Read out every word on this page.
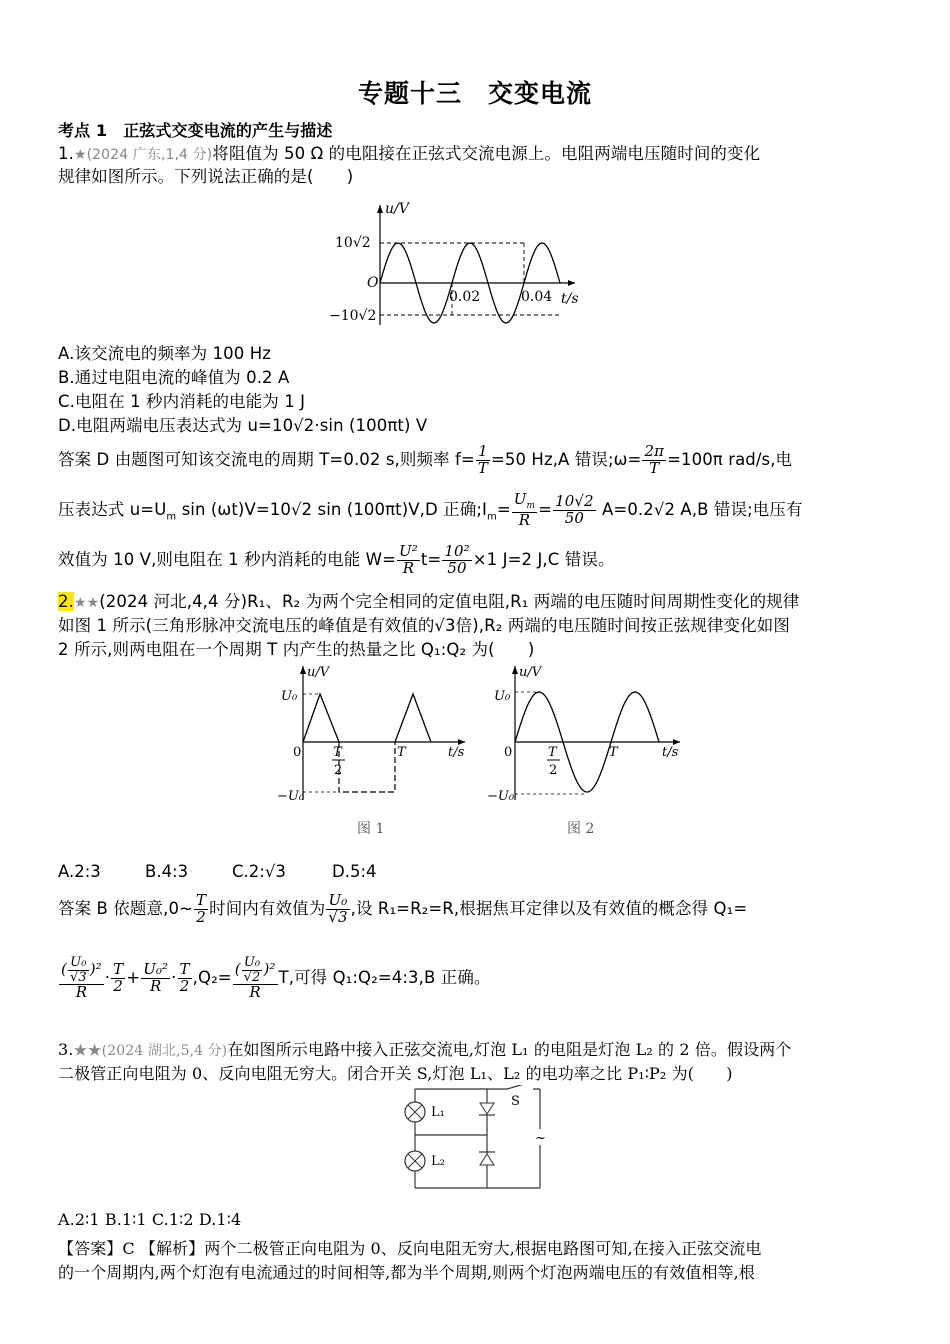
专题十三　交变电流
考点 1　正弦式交变电流的产生与描述
1.★(2024 广东,1,4 分)将阻值为 50 Ω 的电阻接在正弦式交流电源上。电阻两端电压随时间的变化
规律如图所示。下列说法正确的是(　　)
u/V
t/s
O
10√2
−10√2
0.02	0.04
A.该交流电的频率为 100 Hz
B.通过电阻电流的峰值为 0.2 A
C.电阻在 1 秒内消耗的电能为 1 J
D.电阻两端电压表达式为 u=10√2·sin (100πt) V
答案 D 由题图可知该交流电的周期 T=0.02 s,则频率 $f= \frac{1}{T} =50$ Hz,A 错误;ω= $\frac{2\pi}{T} =100\pi$ rad/s,电
压表达式 $u=U_m$ sin (ωt)V=10√2 sin (100πt)V,D 正确$;I_m= \frac{U_m}{R} = \frac{10√2}{50} A=0.2√2$ A,B 错误;电压有
效值为 10 V,则电阻在 1 秒内消耗的电能 $W= \frac{\text{U²}}{R} t= \frac{\text{10²}}{50} \times 1$ J=2 J,C 错误。
2.★★(2024 河北,4,4 分)R₁、R₂ 为两个完全相同的定值电阻,R₁ 两端的电压随时间周期性变化的规律
如图 1 所示(三角形脉冲交流电压的峰值是有效值的√3倍),R₂ 两端的电压随时间按正弦规律变化如图
2 所示,则两电阻在一个周期 T 内产生的热量之比 Q₁:Q₂ 为(　　)
u/V
t/s
U₀
−U₀
0 T
2
T
图 1
u/V
t/s
U₀
−U₀
0	T
2
T
图 2
A.2:3	B.4:3	C.2:√3	D.5:4
答案 B 依题意,0~ $\frac{T}{2}$ 时间内有效值为 $\frac{\text{U₀}}{√3}$ ,设 R₁=R₂=R,根据焦耳定律以及有效值的概念得 Q₁=
$\frac{( \frac{\text{U₀}}{√3} )^2}{R} \cdot \frac{T}{2} + \frac{\text{U₀²}}{R} \cdot \frac{T}{2} ,Q_2= \frac{( \frac{\text{U₀}}{√2} )^2}{R} T$,可得 Q₁:Q₂=4:3,B 正确。
3.★★(2024 湖北,5,4 分)在如图所示电路中接入正弦交流电,灯泡 L₁ 的电阻是灯泡 L₂ 的 2 倍。假设两个
二极管正向电阻为 0、反向电阻无穷大。闭合开关 S,灯泡 L₁、L₂ 的电功率之比 P₁∶P₂ 为(　　)
L₁
L₂
S
~
A.2∶1 B.1∶1 C.1∶2 D.1∶4
【答案】C 【解析】两个二极管正向电阻为 0、反向电阻无穷大,根据电路图可知,在接入正弦交流电
的一个周期内,两个灯泡有电流通过的时间相等,都为半个周期,则两个灯泡两端电压的有效值相等,根
